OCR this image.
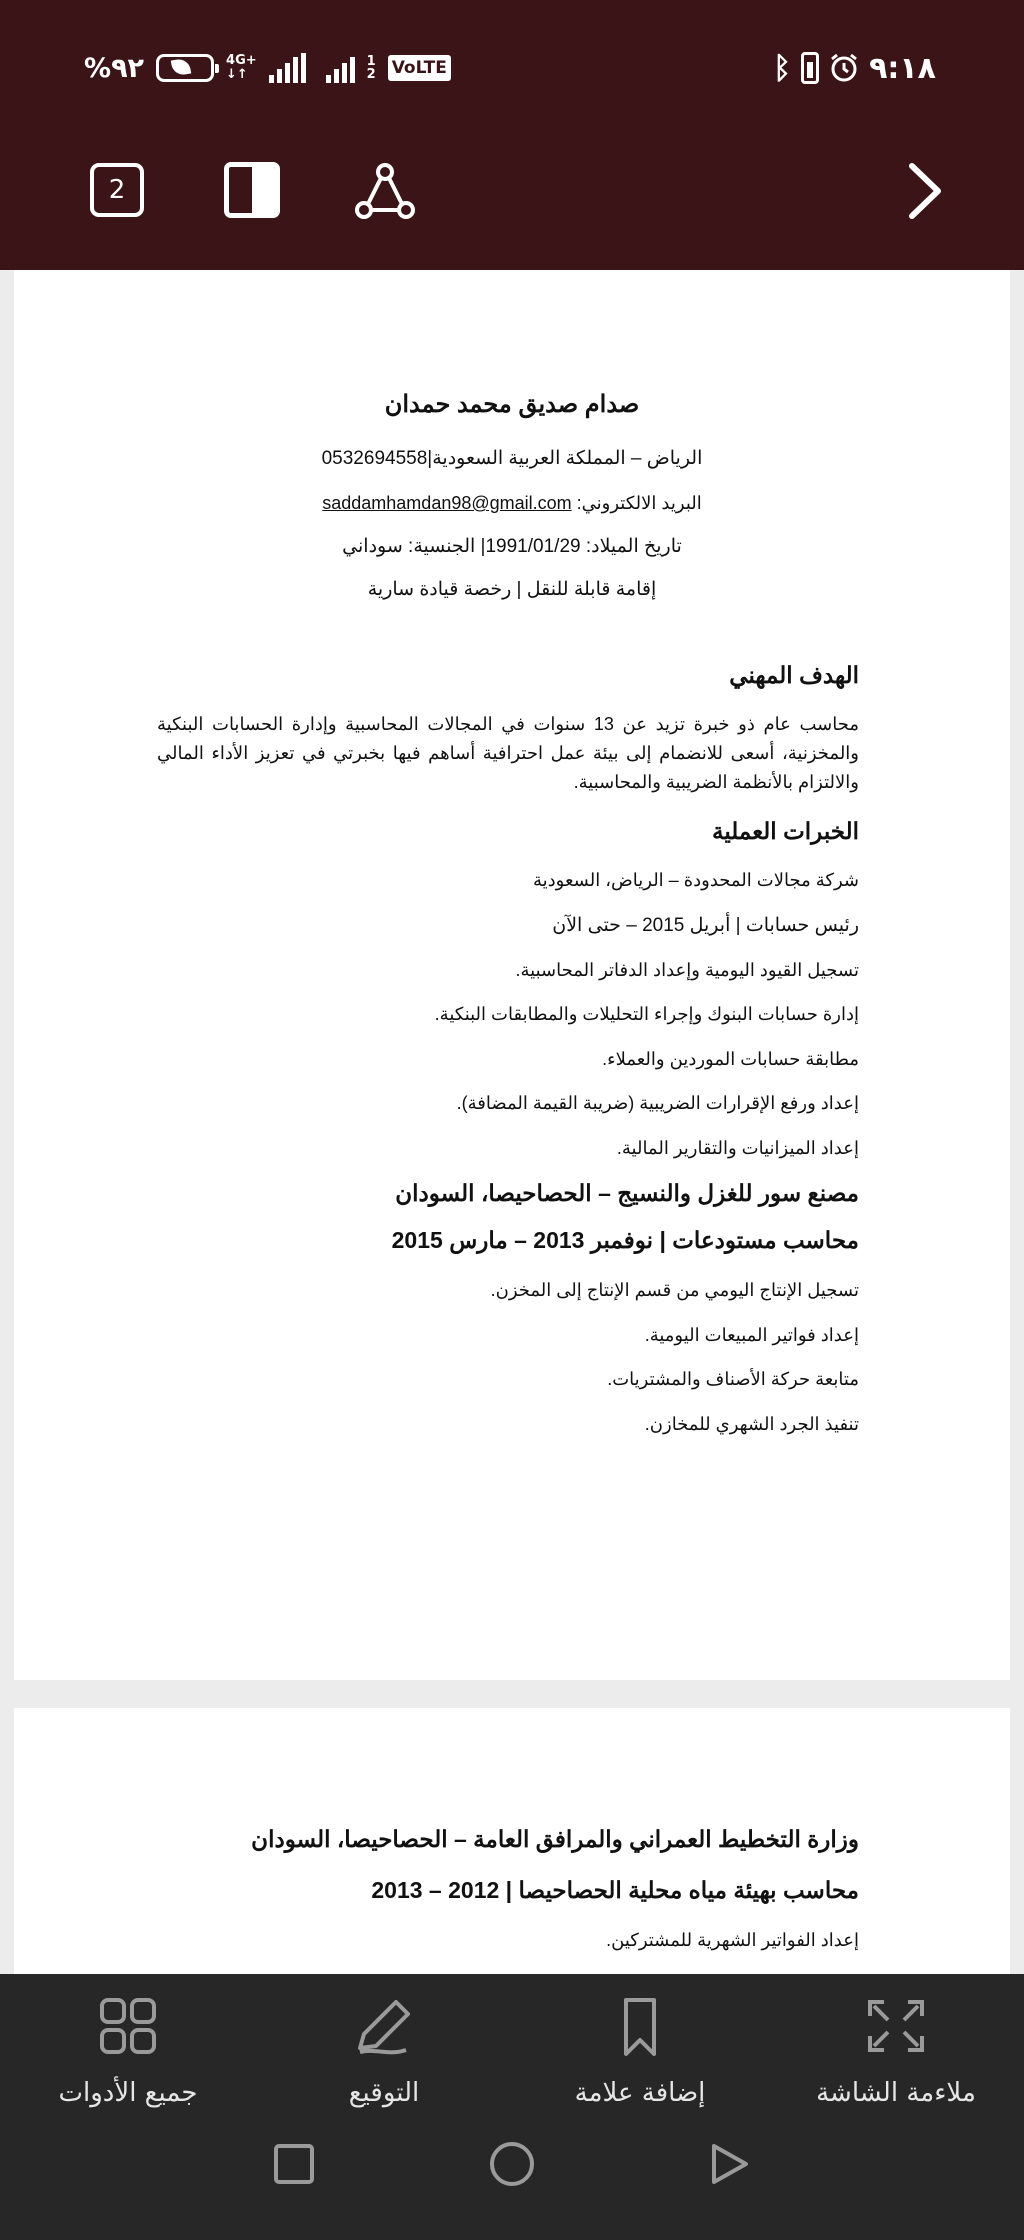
%٩٢	4G+
↓↑
1
2 VoLTE	ᛒ	٩:١٨
2
صدام صديق محمد حمدان
الرياض – المملكة العربية السعودية|0532694558
البريد الالكتروني: saddamhamdan98@gmail.com
تاريخ الميلاد: 1991/01/29| الجنسية: سوداني
إقامة قابلة للنقل | رخصة قيادة سارية
الهدف المهني
محاسب عام ذو خبرة تزيد عن 13 سنوات في المجالات المحاسبية وإدارة الحسابات البنكية والمخزنية، أسعى للانضمام إلى بيئة عمل احترافية أساهم فيها بخبرتي في تعزيز الأداء المالي والالتزام بالأنظمة الضريبية والمحاسبية.
الخبرات العملية
شركة مجالات المحدودة – الرياض، السعودية
رئيس حسابات | أبريل 2015 – حتى الآن
تسجيل القيود اليومية وإعداد الدفاتر المحاسبية.
إدارة حسابات البنوك وإجراء التحليلات والمطابقات البنكية.
مطابقة حسابات الموردين والعملاء.
إعداد ورفع الإقرارات الضريبية (ضريبة القيمة المضافة).
إعداد الميزانيات والتقارير المالية.
مصنع سور للغزل والنسيج – الحصاحيصا، السودان
محاسب مستودعات | نوفمبر 2013 – مارس 2015
تسجيل الإنتاج اليومي من قسم الإنتاج إلى المخزن.
إعداد فواتير المبيعات اليومية.
متابعة حركة الأصناف والمشتريات.
تنفيذ الجرد الشهري للمخازن.
وزارة التخطيط العمراني والمرافق العامة – الحصاحيصا، السودان
محاسب بهيئة مياه محلية الحصاحيصا | 2012 – 2013
إعداد الفواتير الشهرية للمشتركين.
جميع الأدوات	التوقيع	إضافة علامة	ملاءمة الشاشة
